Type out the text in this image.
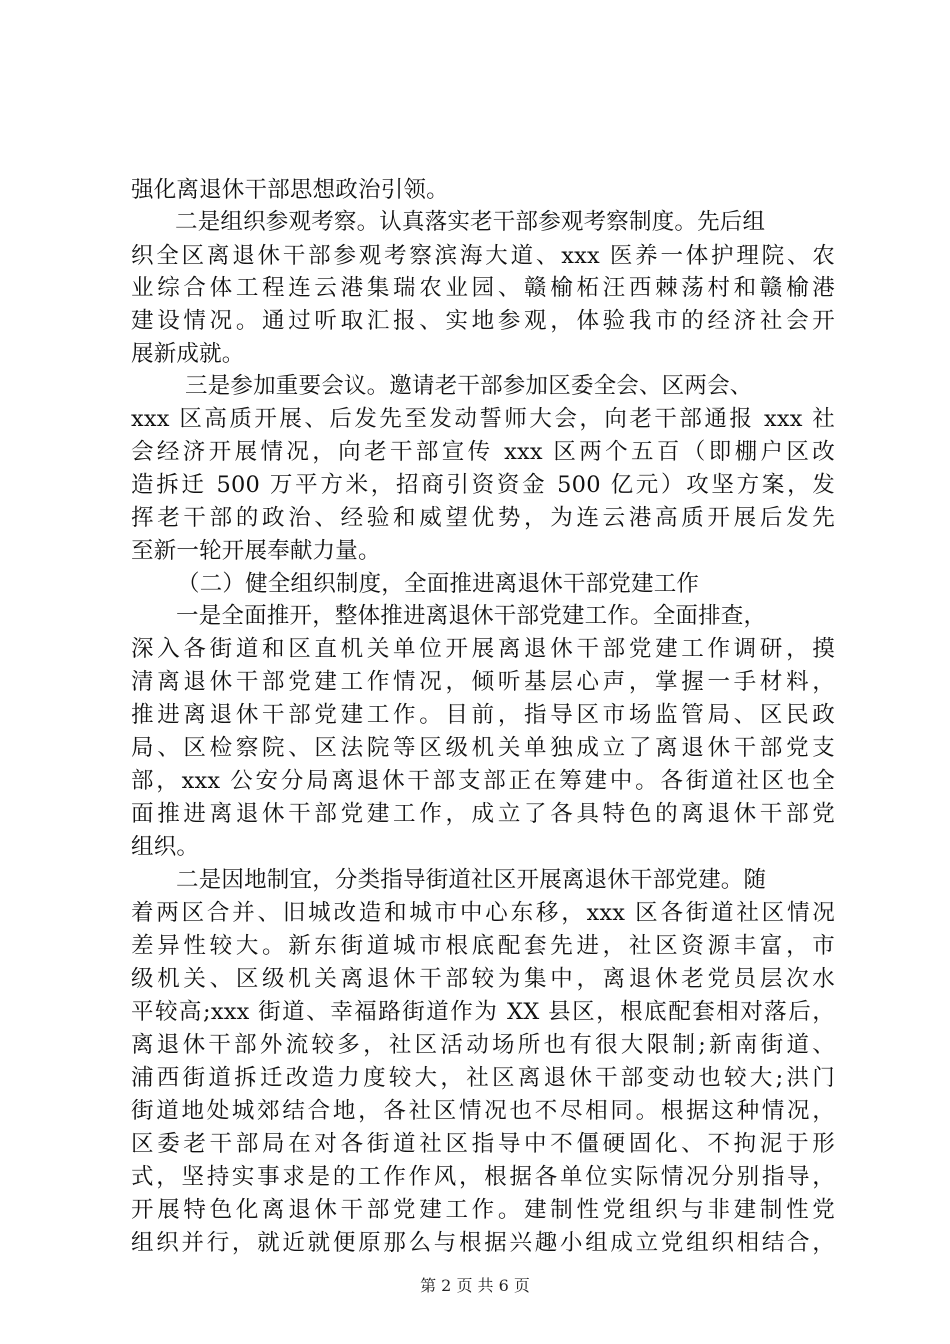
强化离退休干部思想政治引领。
二是组织参观考察。认真落实老干部参观考察制度。先后组
织全区离退休干部参观考察滨海大道、xxx 医养一体护理院、农
业综合体工程连云港集瑞农业园、赣榆柘汪西棘荡村和赣榆港
建设情况。通过听取汇报、实地参观，体验我市的经济社会开
展新成就。
三是参加重要会议。邀请老干部参加区委全会、区两会、
xxx 区高质开展、后发先至发动誓师大会，向老干部通报 xxx 社
会经济开展情况，向老干部宣传 xxx 区两个五百（即棚户区改
造拆迁 500 万平方米，招商引资资金 500 亿元）攻坚方案，发
挥老干部的政治、经验和威望优势，为连云港高质开展后发先
至新一轮开展奉献力量。
（二）健全组织制度，全面推进离退休干部党建工作
一是全面推开，整体推进离退休干部党建工作。全面排查，
深入各街道和区直机关单位开展离退休干部党建工作调研，摸
清离退休干部党建工作情况，倾听基层心声，掌握一手材料，
推进离退休干部党建工作。目前，指导区市场监管局、区民政
局、区检察院、区法院等区级机关单独成立了离退休干部党支
部，xxx 公安分局离退休干部支部正在筹建中。各街道社区也全
面推进离退休干部党建工作，成立了各具特色的离退休干部党
组织。
二是因地制宜，分类指导街道社区开展离退休干部党建。随
着两区合并、旧城改造和城市中心东移，xxx 区各街道社区情况
差异性较大。新东街道城市根底配套先进，社区资源丰富，市
级机关、区级机关离退休干部较为集中，离退休老党员层次水
平较高;xxx 街道、幸福路街道作为 XX 县区，根底配套相对落后，
离退休干部外流较多，社区活动场所也有很大限制;新南街道、
浦西街道拆迁改造力度较大，社区离退休干部变动也较大;洪门
街道地处城郊结合地，各社区情况也不尽相同。根据这种情况，
区委老干部局在对各街道社区指导中不僵硬固化、不拘泥于形
式，坚持实事求是的工作作风，根据各单位实际情况分别指导，
开展特色化离退休干部党建工作。建制性党组织与非建制性党
组织并行，就近就便原那么与根据兴趣小组成立党组织相结合，
第 2 页 共 6 页
